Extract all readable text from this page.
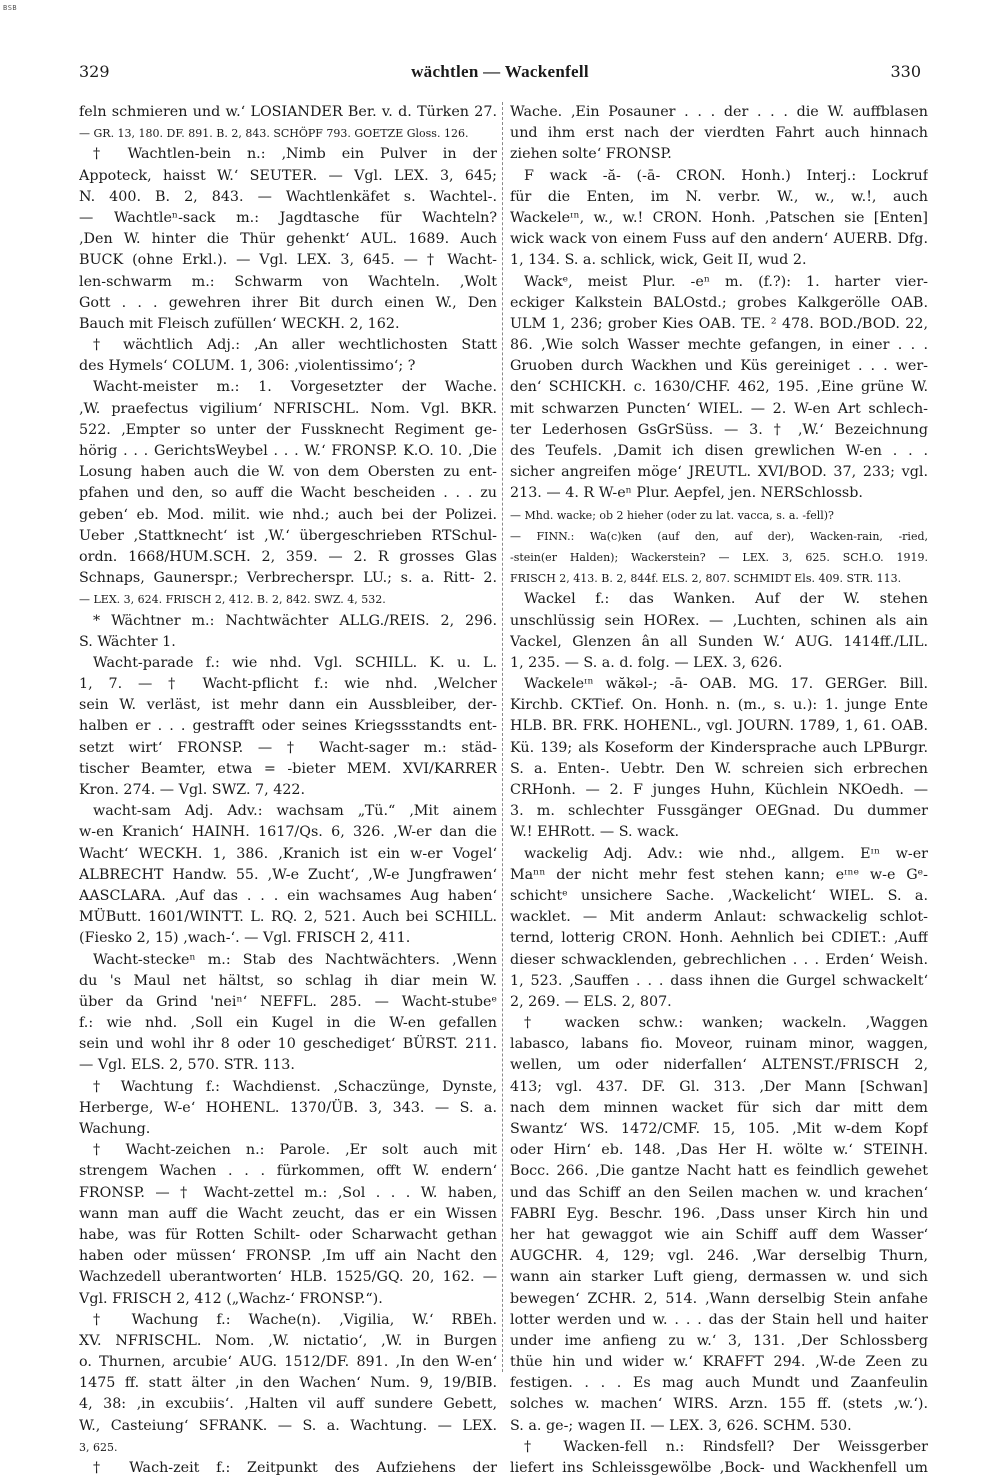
BSB
329	wächtlen — Wackenfell	330
feln schmieren und w.‘ LOSIANDER Ber. v. d. Türken 27.
— GR. 13, 180. DF. 891. B. 2, 843. SCHÖPF 793. GOETZE Gloss. 126.
† Wachtlen-bein n.: ‚Nimb ein Pulver in der
Appoteck, haisst W.‘ SEUTER. — Vgl. LEX. 3, 645;
N. 400. B. 2, 843. — Wachtlenkäfet s. Wachtel-.
— Wachtleⁿ-sack m.: Jagdtasche für Wachteln?
‚Den W. hinter die Thür gehenkt‘ AUL. 1689. Auch
BUCK (ohne Erkl.). — Vgl. LEX. 3, 645. — † Wacht-
len-schwarm m.: Schwarm von Wachteln. ‚Wolt
Gott . . . gewehren ihrer Bit durch einen W., Den
Bauch mit Fleisch zufüllen‘ WECKH. 2, 162.
† wächtlich Adj.: ‚An aller wechtlichosten Statt
des Hymels‘ COLUM. 1, 306: ‚violentissimo‘; ?
Wacht-meister m.: 1. Vorgesetzter der Wache.
‚W. praefectus vigilium‘ NFRISCHL. Nom. Vgl. BKR.
522. ‚Empter so unter der Fussknecht Regiment ge-
hörig . . . GerichtsWeybel . . . W.‘ FRONSP. K.O. 10. ‚Die
Losung haben auch die W. von dem Obersten zu ent-
pfahen und den, so auff die Wacht bescheiden . . . zu
geben‘ eb. Mod. milit. wie nhd.; auch bei der Polizei.
Ueber ‚Stattknecht‘ ist ‚W.‘ übergeschrieben RTSchul-
ordn. 1668/HUM.SCH. 2, 359. — 2. R grosses Glas
Schnaps, Gaunerspr.; Verbrecherspr. LU.; s. a. Ritt- 2.
— LEX. 3, 624. FRISCH 2, 412. B. 2, 842. SWZ. 4, 532.
* Wächtner m.: Nachtwächter ALLG./REIS. 2, 296.
S. Wächter 1.
Wacht-parade f.: wie nhd. Vgl. SCHILL. K. u. L.
1, 7. — † Wacht-pflicht f.: wie nhd. ‚Welcher
sein W. verläst, ist mehr dann ein Aussbleiber, der-
halben er . . . gestrafft oder seines Kriegssstandts ent-
setzt wirt‘ FRONSP. — † Wacht-sager m.: städ-
tischer Beamter, etwa = -bieter MEM. XVI/KARRER
Kron. 274. — Vgl. SWZ. 7, 422.
wacht-sam Adj. Adv.: wachsam „Tü.“ ‚Mit ainem
w-en Kranich‘ HAINH. 1617/Qs. 6, 326. ‚W-er dan die
Wacht‘ WECKH. 1, 386. ‚Kranich ist ein w-er Vogel‘
ALBRECHT Handw. 55. ‚W-e Zucht‘, ‚W-e Jungfrawen‘
AASCLARA. ‚Auf das . . . ein wachsames Aug haben‘
MÜButt. 1601/WINTT. L. RQ. 2, 521. Auch bei SCHILL.
(Fiesko 2, 15) ‚wach-‘. — Vgl. FRISCH 2, 411.
Wacht-steckeⁿ m.: Stab des Nachtwächters. ‚Wenn
du 's Maul net hältst, so schlag ih diar mein W.
über da Grind 'neiⁿ‘ NEFFL. 285. — Wacht-stubeᵉ
f.: wie nhd. ‚Soll ein Kugel in die W-en gefallen
sein und wohl ihr 8 oder 10 geschediget‘ BÜRST. 211.
— Vgl. ELS. 2, 570. STR. 113.
† Wachtung f.: Wachdienst. ‚Schaczünge, Dynste,
Herberge, W-e‘ HOHENL. 1370/ÜB. 3, 343. — S. a.
Wachung.
† Wacht-zeichen n.: Parole. ‚Er solt auch mit
strengem Wachen . . . fürkommen, offt W. endern‘
FRONSP. — † Wacht-zettel m.: ‚Sol . . . W. haben,
wann man auff die Wacht zeucht, das er ein Wissen
habe, was für Rotten Schilt- oder Scharwacht gethan
haben oder müssen‘ FRONSP. ‚Im uff ain Nacht den
Wachzedell uberantworten‘ HLB. 1525/GQ. 20, 162. —
Vgl. FRISCH 2, 412 („Wachz-‘ FRONSP.“).
† Wachung f.: Wache(n). ‚Vigilia, W.‘ RBEh.
XV. NFRISCHL. Nom. ‚W. nictatio‘, ‚W. in Burgen
o. Thurnen, arcubie‘ AUG. 1512/DF. 891. ‚In den W-en‘
1475 ff. statt älter ‚in den Wachen‘ Num. 9, 19/BIB.
4, 38: ‚in excubiis‘. ‚Halten vil auff sundere Gebett,
W., Casteiung‘ SFRANK. — S. a. Wachtung. — LEX.
3, 625.
† Wach-zeit f.: Zeitpunkt des Aufziehens der
Wache. ‚Ein Posauner . . . der . . . die W. auffblasen
und ihm erst nach der vierdten Fahrt auch hinnach
ziehen solte‘ FRONSP.
F wack -ă- (-ā- CRON. Honh.) Interj.: Lockruf
für die Enten, im N. verbr. W., w., w.!, auch
Wackeleᶦⁿ, w., w.! CRON. Honh. ‚Patschen sie [Enten]
wick wack von einem Fuss auf den andern‘ AUERB. Dfg.
1, 134. S. a. schlick, wick, Geit II, wud 2.
Wackᵉ, meist Plur. -eⁿ m. (f.?): 1. harter vier-
eckiger Kalkstein BALOstd.; grobes Kalkgeröllе OAB.
ULM 1, 236; grober Kies OAB. TE. ² 478. BOD./BOD. 22,
86. ‚Wie solch Wasser mechte gefangen, in einer . . .
Gruoben durch Wackhen und Küs gereiniget . . . wer-
den‘ SCHICKH. c. 1630/CHF. 462, 195. ‚Eine grüne W.
mit schwarzen Puncten‘ WIEL. — 2. W-en Art schlech-
ter Lederhosen GsGrSüss. — 3. † ‚W.‘ Bezeichnung
des Teufels. ‚Damit ich disen grewlichen W-en . . .
sicher angreifen möge‘ JREUTL. XVI/BOD. 37, 233; vgl.
213. — 4. R W-eⁿ Plur. Aepfel, jen. NERSchlossb.
— Mhd. wacke; ob 2 hieher (oder zu lat. vacca, s. a. -fell)?
— FINN.: Wa(c)ken (auf den, auf der), Wacken-rain, -ried,
-stein(er Halden); Wackerstein? — LEX. 3, 625. SCH.O. 1919.
FRISCH 2, 413. B. 2, 844f. ELS. 2, 807. SCHMIDT Els. 409. STR. 113.
Wackel f.: das Wanken. Auf der W. stehen
unschlüssig sein HORex. — ‚Luchten, schinen als ain
Vackel, Glenzen ân all Sunden W.‘ AUG. 1414ff./LIL.
1, 235. — S. a. d. folg. — LEX. 3, 626.
Wackeleᶦⁿ wăkəl-; -ā- OAB. MG. 17. GERGer. Bill.
Kirchb. CKTief. On. Honh. n. (m., s. u.): 1. junge Ente
HLB. BR. FRK. HOHENL., vgl. JOURN. 1789, 1, 61. OAB.
Kü. 139; als Koseform der Kindersprache auch LPBurgr.
S. a. Enten-. Uebtr. Den W. schreien sich erbrechen
CRHonh. — 2. F junges Huhn, Küchlein NKOedh. —
3. m. schlechter Fussgänger OEGnad. Du dummer
W.! EHRott. — S. wack.
wackelig Adj. Adv.: wie nhd., allgem. Eᶦⁿ w-er
Maⁿⁿ der nicht mehr fest stehen kann; eᶦⁿᵉ w-e Gᵉ-
schichtᵉ unsichere Sache. ‚Wackelicht‘ WIEL. S. a.
wacklet. — Mit anderm Anlaut: schwackelig schlot-
ternd, lotterig CRON. Honh. Aehnlich bei CDIET.: ‚Auff
dieser schwacklenden, gebrechlichen . . . Erden‘ Weish.
1, 523. ‚Sauffen . . . dass ihnen die Gurgel schwackelt‘
2, 269. — ELS. 2, 807.
† wacken schw.: wanken; wackeln. ‚Waggen
labasco, labans fio. Moveor, ruinam minor, waggen,
wellen, um oder niderfallen‘ ALTENST./FRISCH 2,
413; vgl. 437. DF. Gl. 313. ‚Der Mann [Schwan]
nach dem minnen wacket für sich dar mitt dem
Swantz‘ WS. 1472/CMF. 15, 105. ‚Mit w-dem Kopf
oder Hirn‘ eb. 148. ‚Das Her H. wölte w.‘ STEINH.
Bocc. 266. ‚Die gantze Nacht hatt es feindlich gewehet
und das Schiff an den Seilen machen w. und krachen‘
FABRI Eyg. Beschr. 196. ‚Dass unser Kirch hin und
her hat gewaggot wie ain Schiff auff dem Wasser‘
AUGCHR. 4, 129; vgl. 246. ‚War derselbig Thurn,
wann ain starker Luft gieng, dermassen w. und sich
bewegen‘ ZCHR. 2, 514. ‚Wann derselbig Stein anfahe
lotter werden und w. . . . das der Stain hell und haiter
under ime anfieng zu w.‘ 3, 131. ‚Der Schlossberg
thüe hin und wider w.‘ KRAFFT 294. ‚W-de Zeen zu
festigen. . . . Es mag auch Mundt und Zaanfeulin
solches w. machen‘ WIRS. Arzn. 155 ff. (stets ‚w.‘).
S. a. ge-; wagen II. — LEX. 3, 626. SCHM. 530.
† Wacken-fell n.: Rindsfell? Der Weissgerber
liefert ins Schleissgewölbe ‚Bock- und Wackhenfell um
